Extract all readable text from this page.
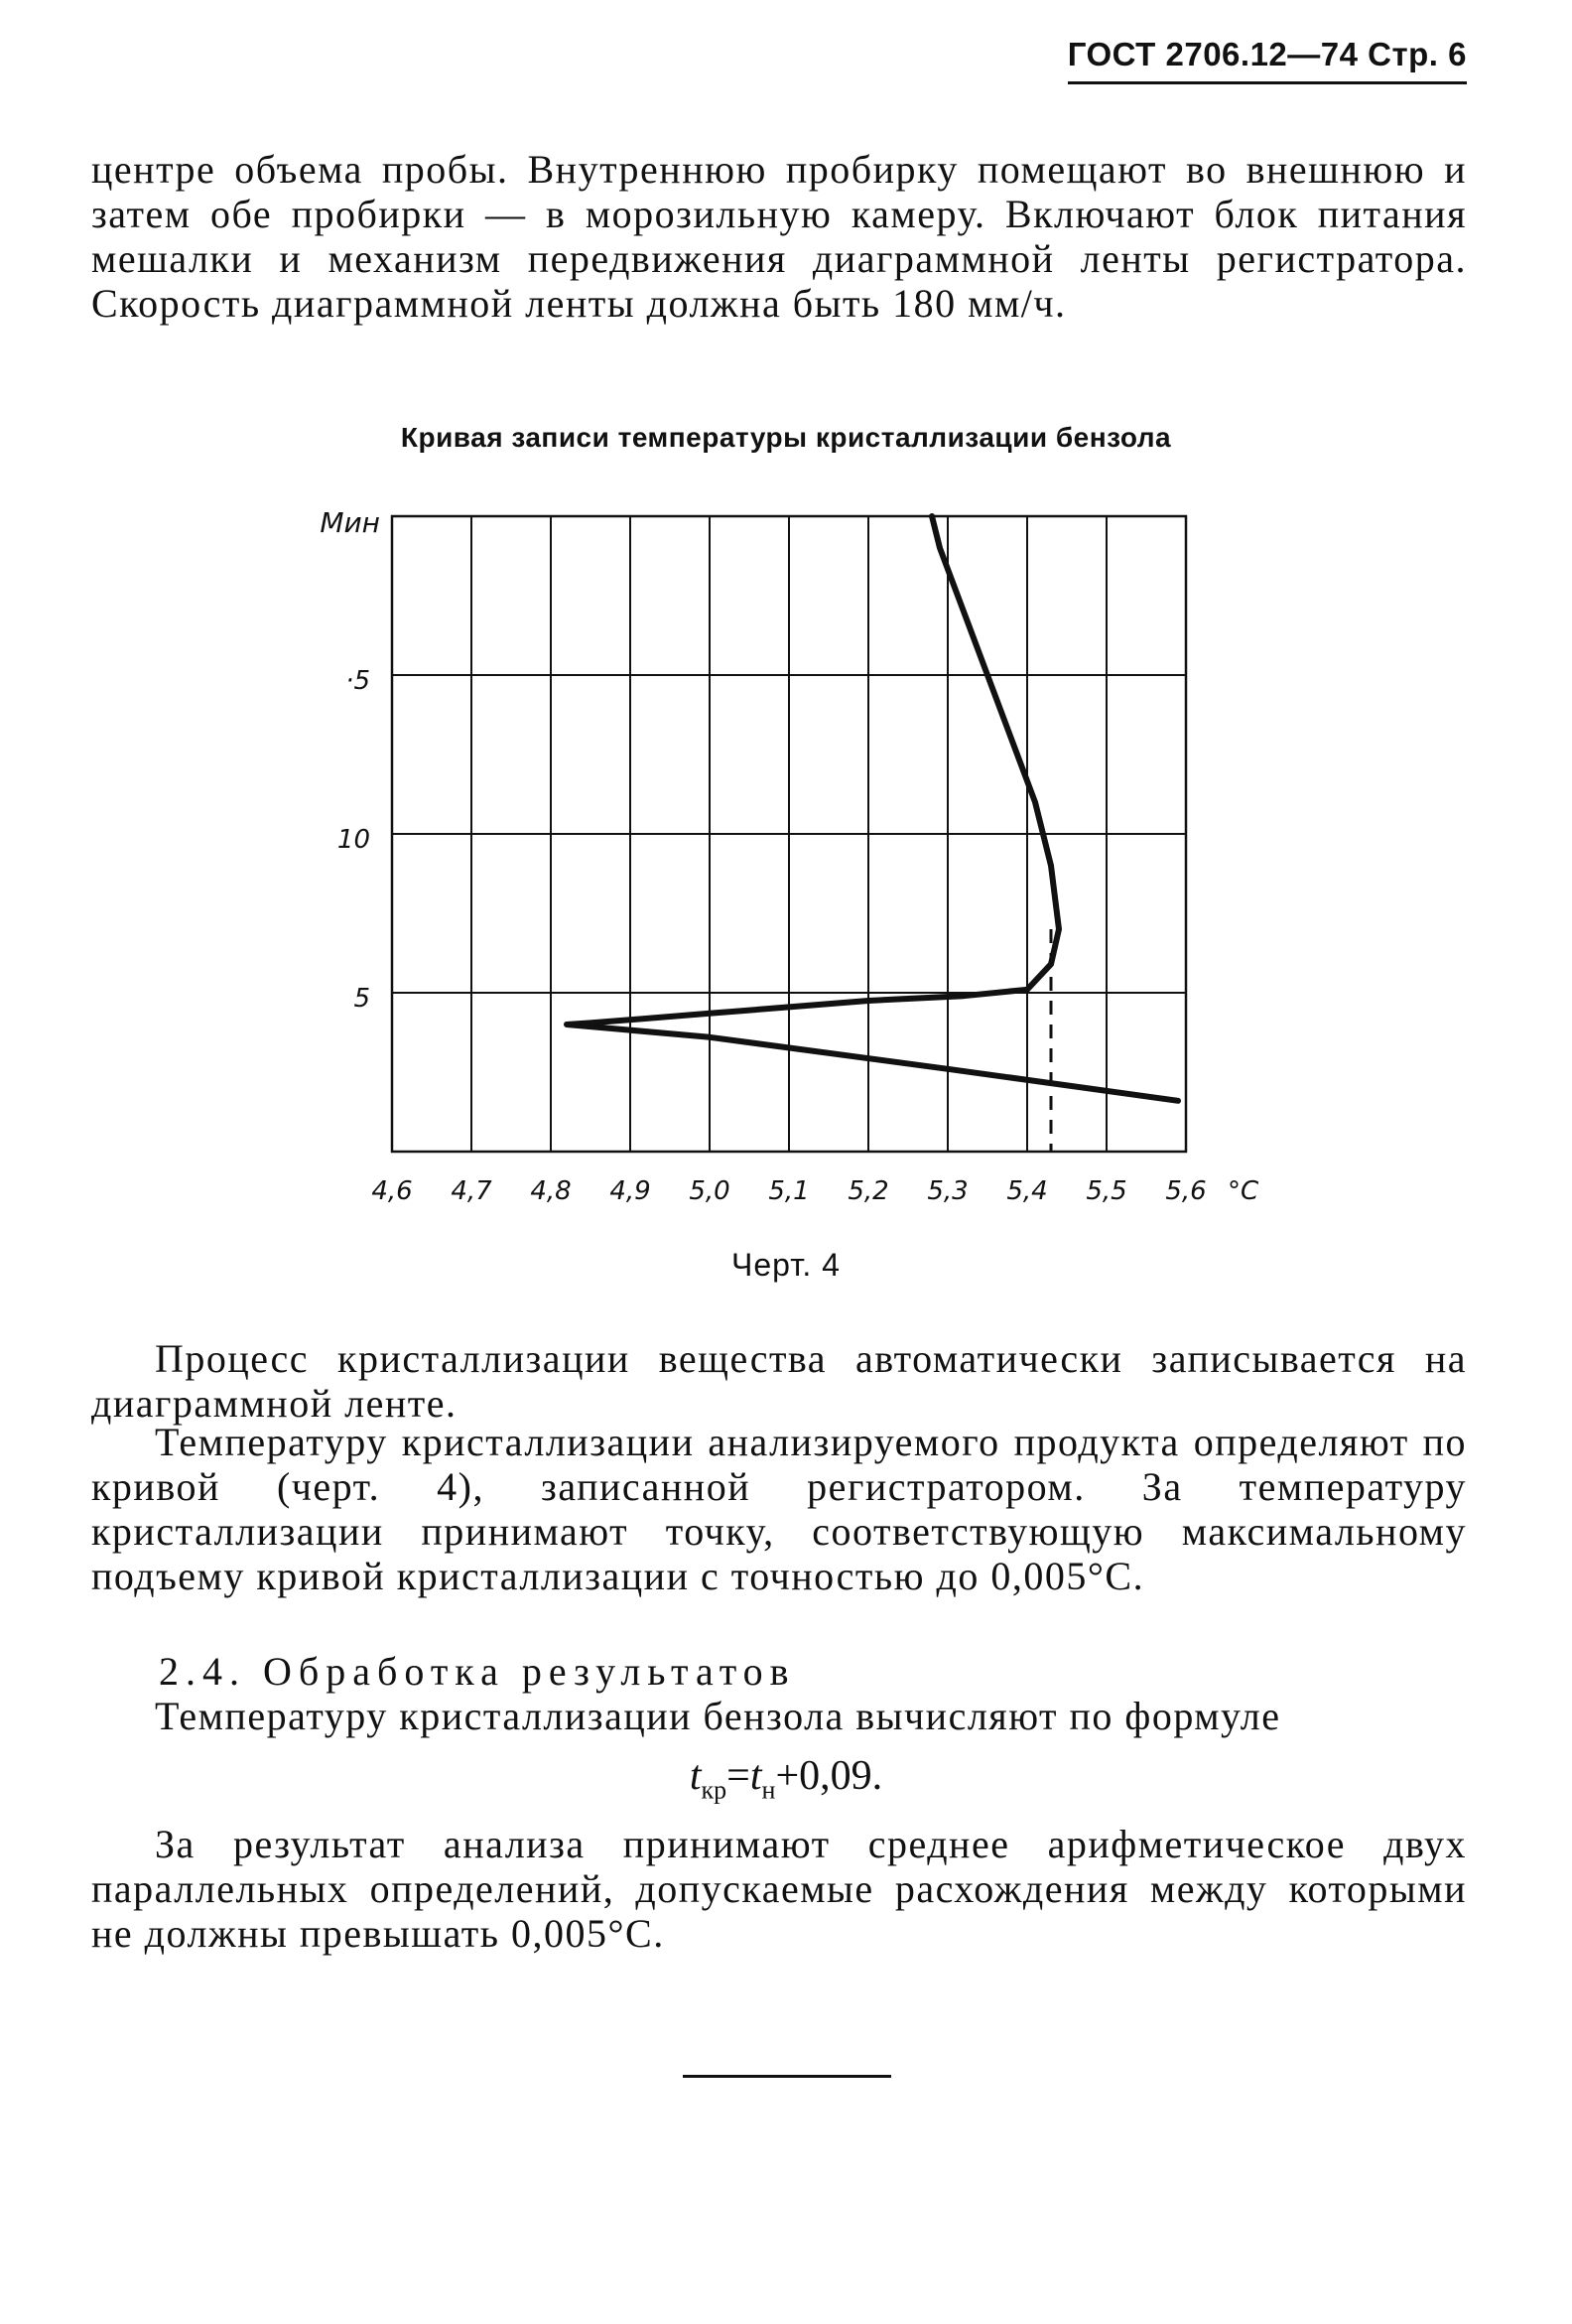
ГОСТ 2706.12—74 Стр. 6

центре объема пробы. Внутреннюю пробирку помещают во внешнюю и затем обе пробирки — в морозильную камеру. Включают блок питания мешалки и механизм передвижения диаграммной ленты регистратора. Скорость диаграммной ленты должна быть 180 мм/ч.

Кривая записи температуры кристаллизации бензола
5
10
·5
Мин
4,6 4,7 4,8 4,9 5,0 5,1 5,2 5,3 5,4 5,5 5,6 °С
Черт. 4

Процесс кристаллизации вещества автоматически записывается на диаграммной ленте.

Температуру кристаллизации анализируемого продукта определяют по кривой (черт. 4), записанной регистратором. За температуру кристаллизации принимают точку, соответствующую максимальному подъему кривой кристаллизации с точностью до 0,005°С.

2.4. Обработка результатов

Температуру кристаллизации бензола вычисляют по формуле

$t_{кр}=t_н+0,09$.

За результат анализа принимают среднее арифметическое двух параллельных определений, допускаемые расхождения между которыми не должны превышать 0,005°С.
